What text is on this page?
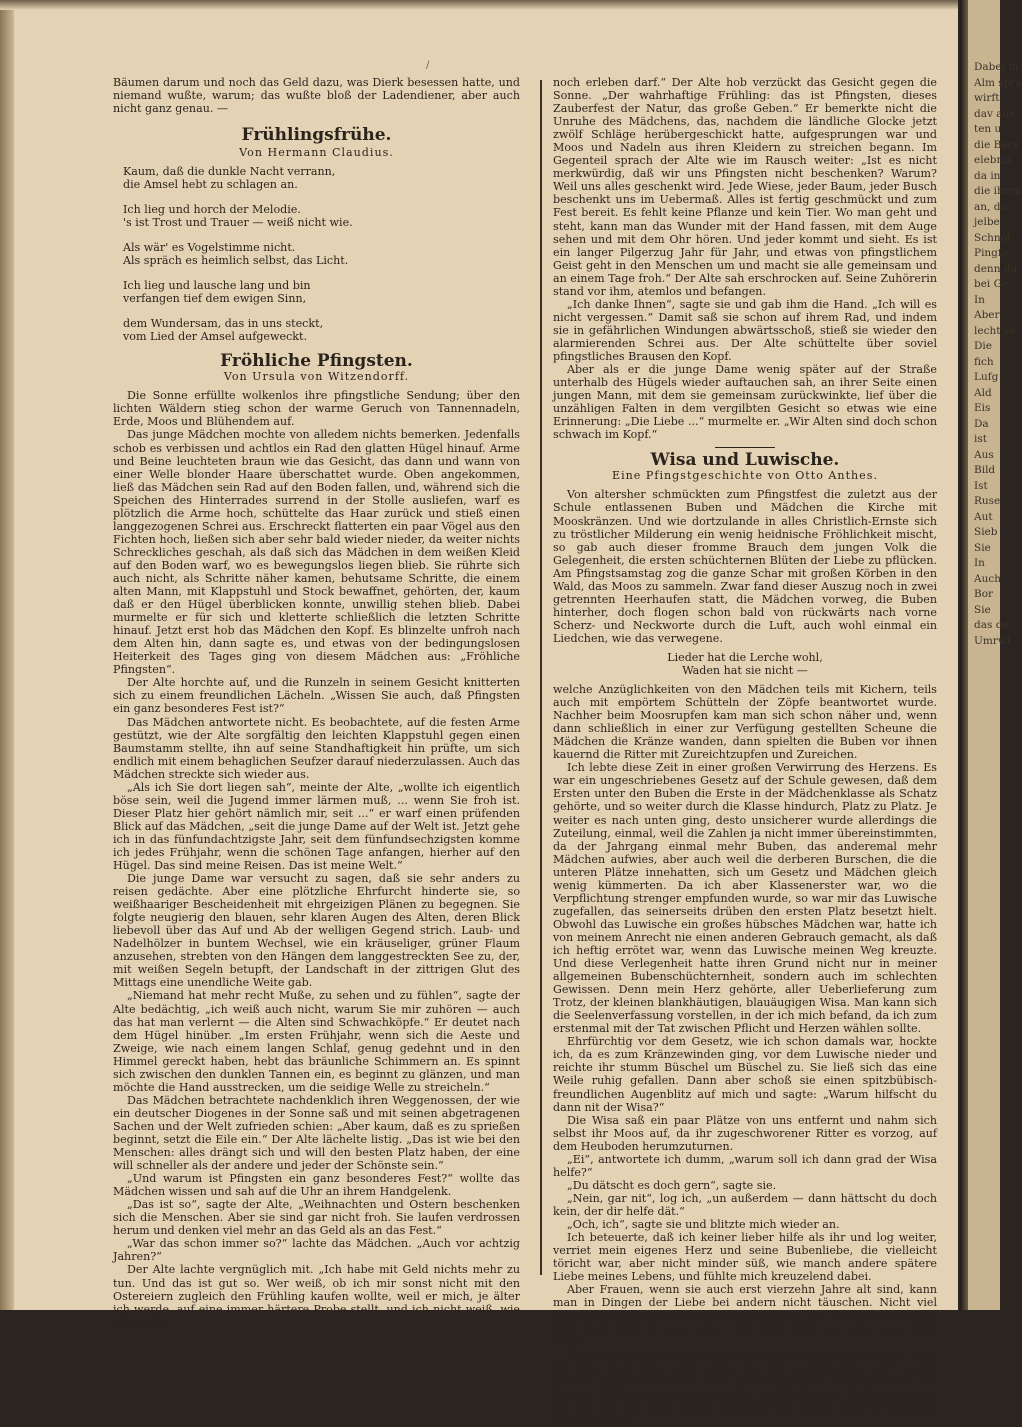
/

Bäumen darum und noch das Geld dazu, was Dierk besessen hatte, und niemand wußte, warum; das wußte bloß der Ladendiener, aber auch nicht ganz genau. —

Frühlingsfrühe.
Von Hermann Claudius.
Kaum, daß die dunkle Nacht verrann,
die Amsel hebt zu schlagen an.
Ich lieg und horch der Melodie.
's ist Trost und Trauer — weiß nicht wie.
Als wär' es Vogelstimme nicht.
Als spräch es heimlich selbst, das Licht.
Ich lieg und lausche lang und bin
verfangen tief dem ewigen Sinn,
dem Wundersam, das in uns steckt,
vom Lied der Amsel aufgeweckt.
Fröhliche Pfingsten.
Von Ursula von Witzendorff.

Die Sonne erfüllte wolkenlos ihre pfingstliche Sendung; über den lichten Wäldern stieg schon der warme Geruch von Tannennadeln, Erde, Moos und Blühendem auf.

Das junge Mädchen mochte von alledem nichts bemerken. Jedenfalls schob es verbissen und achtlos ein Rad den glatten Hügel hinauf. Arme und Beine leuchteten braun wie das Gesicht, das dann und wann von einer Welle blonder Haare überschattet wurde. Oben angekommen, ließ das Mädchen sein Rad auf den Boden fallen, und, während sich die Speichen des Hinterrades surrend in der Stolle ausliefen, warf es plötzlich die Arme hoch, schüttelte das Haar zurück und stieß einen langgezogenen Schrei aus. Erschreckt flatterten ein paar Vögel aus den Fichten hoch, ließen sich aber sehr bald wieder nieder, da weiter nichts Schreckliches geschah, als daß sich das Mädchen in dem weißen Kleid auf den Boden warf, wo es bewegungslos liegen blieb. Sie rührte sich auch nicht, als Schritte näher kamen, behutsame Schritte, die einem alten Mann, mit Klappstuhl und Stock bewaffnet, gehörten, der, kaum daß er den Hügel überblicken konnte, unwillig stehen blieb. Dabei murmelte er für sich und kletterte schließlich die letzten Schritte hinauf. Jetzt erst hob das Mädchen den Kopf. Es blinzelte unfroh nach dem Alten hin, dann sagte es, und etwas von der bedingungslosen Heiterkeit des Tages ging von diesem Mädchen aus: „Fröhliche Pfingsten“.

Der Alte horchte auf, und die Runzeln in seinem Gesicht knitterten sich zu einem freundlichen Lächeln. „Wissen Sie auch, daß Pfingsten ein ganz besonderes Fest ist?“

Das Mädchen antwortete nicht. Es beobachtete, auf die festen Arme gestützt, wie der Alte sorgfältig den leichten Klappstuhl gegen einen Baumstamm stellte, ihn auf seine Standhaftigkeit hin prüfte, um sich endlich mit einem behaglichen Seufzer darauf niederzulassen. Auch das Mädchen streckte sich wieder aus.

„Als ich Sie dort liegen sah“, meinte der Alte, „wollte ich eigentlich böse sein, weil die Jugend immer lärmen muß, ... wenn Sie froh ist. Dieser Platz hier gehört nämlich mir, seit ...“ er warf einen prüfenden Blick auf das Mädchen, „seit die junge Dame auf der Welt ist. Jetzt gehe ich in das fünfundachtzigste Jahr, seit dem fünfundsechzigsten komme ich jedes Frühjahr, wenn die schönen Tage anfangen, hierher auf den Hügel. Das sind meine Reisen. Das ist meine Welt.“

Die junge Dame war versucht zu sagen, daß sie sehr anders zu reisen gedächte. Aber eine plötzliche Ehrfurcht hinderte sie, so weißhaariger Bescheidenheit mit ehrgeizigen Plänen zu begegnen. Sie folgte neugierig den blauen, sehr klaren Augen des Alten, deren Blick liebevoll über das Auf und Ab der welligen Gegend strich. Laub- und Nadelhölzer in buntem Wechsel, wie ein kräuseliger, grüner Flaum anzusehen, strebten von den Hängen dem langgestreckten See zu, der, mit weißen Segeln betupft, der Landschaft in der zittrigen Glut des Mittags eine unendliche Weite gab.

„Niemand hat mehr recht Muße, zu sehen und zu fühlen“, sagte der Alte bedächtig, „ich weiß auch nicht, warum Sie mir zuhören — auch das hat man verlernt — die Alten sind Schwachköpfe.“ Er deutet nach dem Hügel hinüber. „Im ersten Frühjahr, wenn sich die Aeste und Zweige, wie nach einem langen Schlaf, genug gedehnt und in den Himmel gereckt haben, hebt das bräunliche Schimmern an. Es spinnt sich zwischen den dunklen Tannen ein, es beginnt zu glänzen, und man möchte die Hand ausstrecken, um die seidige Welle zu streicheln.“

Das Mädchen betrachtete nachdenklich ihren Weggenossen, der wie ein deutscher Diogenes in der Sonne saß und mit seinen abgetragenen Sachen und der Welt zufrieden schien: „Aber kaum, daß es zu sprießen beginnt, setzt die Eile ein.“ Der Alte lächelte listig. „Das ist wie bei den Menschen: alles drängt sich und will den besten Platz haben, der eine will schneller als der andere und jeder der Schönste sein.“

„Und warum ist Pfingsten ein ganz besonderes Fest?“ wollte das Mädchen wissen und sah auf die Uhr an ihrem Handgelenk.

„Das ist so“, sagte der Alte, „Weihnachten und Ostern beschenken sich die Menschen. Aber sie sind gar nicht froh. Sie laufen verdrossen herum und denken viel mehr an das Geld als an das Fest.“

„War das schon immer so?“ lachte das Mädchen. „Auch vor achtzig Jahren?“

Der Alte lachte vergnüglich mit. „Ich habe mit Geld nichts mehr zu tun. Und das ist gut so. Wer weiß, ob ich mir sonst nicht mit den Ostereiern zugleich den Frühling kaufen wollte, weil er mich, je älter ich werde, auf eine immer härtere Probe stellt, und ich nicht weiß, wie oft ich ihn

noch erleben darf.“ Der Alte hob verzückt das Gesicht gegen die Sonne. „Der wahrhaftige Frühling: das ist Pfingsten, dieses Zauberfest der Natur, das große Geben.“ Er bemerkte nicht die Unruhe des Mädchens, das, nachdem die ländliche Glocke jetzt zwölf Schläge herübergeschickt hatte, aufgesprungen war und Moos und Nadeln aus ihren Kleidern zu streichen begann. Im Gegenteil sprach der Alte wie im Rausch weiter: „Ist es nicht merkwürdig, daß wir uns Pfingsten nicht beschenken? Warum? Weil uns alles geschenkt wird. Jede Wiese, jeder Baum, jeder Busch beschenkt uns im Uebermaß. Alles ist fertig geschmückt und zum Fest bereit. Es fehlt keine Pflanze und kein Tier. Wo man geht und steht, kann man das Wunder mit der Hand fassen, mit dem Auge sehen und mit dem Ohr hören. Und jeder kommt und sieht. Es ist ein langer Pilgerzug Jahr für Jahr, und etwas von pfingstlichem Geist geht in den Menschen um und macht sie alle gemeinsam und an einem Tage froh.“ Der Alte sah erschrocken auf. Seine Zuhörerin stand vor ihm, atemlos und befangen.

„Ich danke Ihnen“, sagte sie und gab ihm die Hand. „Ich will es nicht vergessen.“ Damit saß sie schon auf ihrem Rad, und indem sie in gefährlichen Windungen abwärtsschoß, stieß sie wieder den alarmierenden Schrei aus. Der Alte schüttelte über soviel pfingstliches Brausen den Kopf.

Aber als er die junge Dame wenig später auf der Straße unterhalb des Hügels wieder auftauchen sah, an ihrer Seite einen jungen Mann, mit dem sie gemeinsam zurückwinkte, lief über die unzähligen Falten in dem vergilbten Gesicht so etwas wie eine Erinnerung: „Die Liebe ...“ murmelte er. „Wir Alten sind doch schon schwach im Kopf.“

Wisa und Luwische.
Eine Pfingstgeschichte von Otto Anthes.

Von altersher schmückten zum Pfingstfest die zuletzt aus der Schule entlassenen Buben und Mädchen die Kirche mit Mooskränzen. Und wie dortzulande in alles Christlich-Ernste sich zu tröstlicher Milderung ein wenig heidnische Fröhlichkeit mischt, so gab auch dieser fromme Brauch dem jungen Volk die Gelegenheit, die ersten schüchternen Blüten der Liebe zu pflücken. Am Pfingstsamstag zog die ganze Schar mit großen Körben in den Wald, das Moos zu sammeln. Zwar fand dieser Auszug noch in zwei getrennten Heerhaufen statt, die Mädchen vorweg, die Buben hinterher, doch flogen schon bald von rückwärts nach vorne Scherz- und Neckworte durch die Luft, auch wohl einmal ein Liedchen, wie das verwegene.

Lieder hat die Lerche wohl,
Waden hat sie nicht —

welche Anzüglichkeiten von den Mädchen teils mit Kichern, teils auch mit empörtem Schütteln der Zöpfe beantwortet wurde. Nachher beim Moosrupfen kam man sich schon näher und, wenn dann schließlich in einer zur Verfügung gestellten Scheune die Mädchen die Kränze wanden, dann spielten die Buben vor ihnen kauernd die Ritter mit Zureichtzupfen und Zureichen.

Ich lebte diese Zeit in einer großen Verwirrung des Herzens. Es war ein ungeschriebenes Gesetz auf der Schule gewesen, daß dem Ersten unter den Buben die Erste in der Mädchenklasse als Schatz gehörte, und so weiter durch die Klasse hindurch, Platz zu Platz. Je weiter es nach unten ging, desto unsicherer wurde allerdings die Zuteilung, einmal, weil die Zahlen ja nicht immer übereinstimmten, da der Jahrgang einmal mehr Buben, das anderemal mehr Mädchen aufwies, aber auch weil die derberen Burschen, die die unteren Plätze innehatten, sich um Gesetz und Mädchen gleich wenig kümmerten. Da ich aber Klassenerster war, wo die Verpflichtung strenger empfunden wurde, so war mir das Luwische zugefallen, das seinerseits drüben den ersten Platz besetzt hielt. Obwohl das Luwische ein großes hübsches Mädchen war, hatte ich von meinem Anrecht nie einen anderen Gebrauch gemacht, als daß ich heftig errötet war, wenn das Luwische meinen Weg kreuzte. Und diese Verlegenheit hatte ihren Grund nicht nur in meiner allgemeinen Bubenschüchternheit, sondern auch im schlechten Gewissen. Denn mein Herz gehörte, aller Ueberlieferung zum Trotz, der kleinen blankhäutigen, blauäugigen Wisa. Man kann sich die Seelenverfassung vorstellen, in der ich mich befand, da ich zum erstenmal mit der Tat zwischen Pflicht und Herzen wählen sollte.

Ehrfürchtig vor dem Gesetz, wie ich schon damals war, hockte ich, da es zum Kränzewinden ging, vor dem Luwische nieder und reichte ihr stumm Büschel um Büschel zu. Sie ließ sich das eine Weile ruhig gefallen. Dann aber schoß sie einen spitzbübisch-freundlichen Augenblitz auf mich und sagte: „Warum hilfscht du dann nit der Wisa?“

Die Wisa saß ein paar Plätze von uns entfernt und nahm sich selbst ihr Moos auf, da ihr zugeschworener Ritter es vorzog, auf dem Heuboden herumzuturnen.

„Ei“, antwortete ich dumm, „warum soll ich dann grad der Wisa helfe?“

„Du dätscht es doch gern“, sagte sie.

„Nein, gar nit“, log ich, „un außerdem — dann hättscht du doch kein, der dir helfe dät.“

„Och, ich“, sagte sie und blitzte mich wieder an.

Ich beteuerte, daß ich keiner lieber hilfe als ihr und log weiter, verriet mein eigenes Herz und seine Bubenliebe, die vielleicht töricht war, aber nicht minder süß, wie manch andere spätere Liebe meines Lebens, und fühlte mich kreuzelend dabei.

Aber Frauen, wenn sie auch erst vierzehn Jahre alt sind, kann man in Dingen der Liebe bei andern nicht täuschen. Nicht viel später rief das Luwische zur Wisa hinüber: „Ei, Wisa! Du kannscht dich doch hier zu uns setze. Der Otto hilft uns alle zwei. Gell, Otto?“

Ich bekam einen furchtbaren Schreck und sagte gar nichts, aber die Wisa focht dies nicht weiter an. „Ei, warum denn net?“ lachte sie laut, rückte mit ihrem Korb zu uns herüber, und nun saßen die beiden Göttinnen in schwatzender und lachender Hoheit vor mir, der ich saß vor ihnen kniete und bald der einen, bald der anderen zur Hand war.

Dabei m
Alm spra
wirft
dav aus
ten u
die Berk
elebnis
da in
die ihren
an, du
jelbe
Schnot
Pingfe
denn du
bei Ge
In
Aber
lecht ve
Die
fich
Lufg
Ald
Eis
Da
ist
Aus
Bild
Ist
Ruse
Aut
Sieb
Sie
In
Auch
Bor
Sie
das de
Umrwi
